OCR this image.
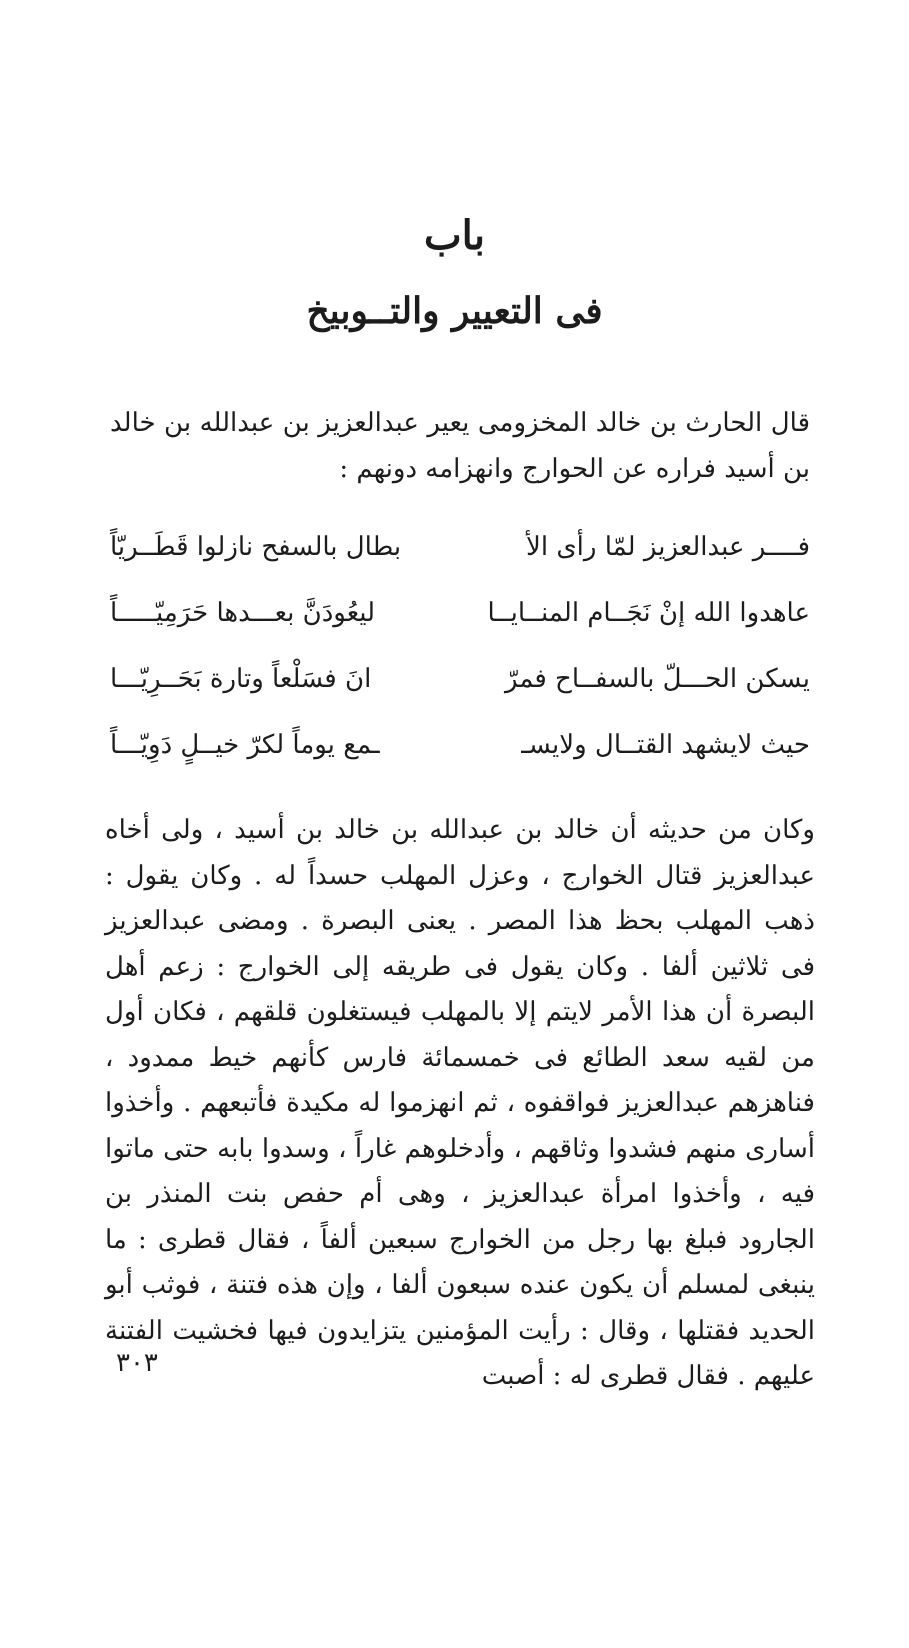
باب
فى التعيير والتــوبيخ

قال الحارث بن خالد المخزومى يعير عبدالعزيز بن عبدالله بن خالد بن أسيد فراره عن الحوارج وانهزامه دونهم :

فــــر عبدالعزيز لمّا رأى الأ
بطال بالسفح نازلوا قَطَــريّاً
عاهدوا الله إنْ نَجَــام المنــايــا
ليعُودَنَّ بعـــدها حَرَمِيّـــــاً
يسكن الحـــلّ بالسفــاح فمرّ
انَ فسَلْعاً وتارة بَحَــرِيّـــا
حيث لايشهد القتــال ولايسـ
ـمع يوماً لكرّ خيــلٍ دَوِيّـــاً

وكان من حديثه أن خالد بن عبدالله بن خالد بن أسيد ، ولى أخاه عبدالعزيز قتال الخوارج ، وعزل المهلب حسداً له . وكان يقول : ذهب المهلب بحظ هذا المصر . يعنى البصرة . ومضى عبدالعزيز فى ثلاثين ألفا . وكان يقول فى طريقه إلى الخوارج : زعم أهل البصرة أن هذا الأمر لايتم إلا بالمهلب فيستغلون قلقهم ، فكان أول من لقيه سعد الطائع فى خمسمائة فارس كأنهم خيط ممدود ، فناهزهم عبدالعزيز فواقفوه ، ثم انهزموا له مكيدة فأتبعهم . وأخذوا أسارى منهم فشدوا وثاقهم ، وأدخلوهم غاراً ، وسدوا بابه حتى ماتوا فيه ، وأخذوا امرأة عبدالعزيز ، وهى أم حفص بنت المنذر بن الجارود فبلغ بها رجل من الخوارج سبعين ألفاً ، فقال قطرى : ما ينبغى لمسلم أن يكون عنده سبعون ألفا ، وإن هذه فتنة ، فوثب أبو الحديد فقتلها ، وقال : رأيت المؤمنين يتزايدون فيها فخشيت الفتنة عليهم . فقال قطرى له : أصبت

٣٠٣
